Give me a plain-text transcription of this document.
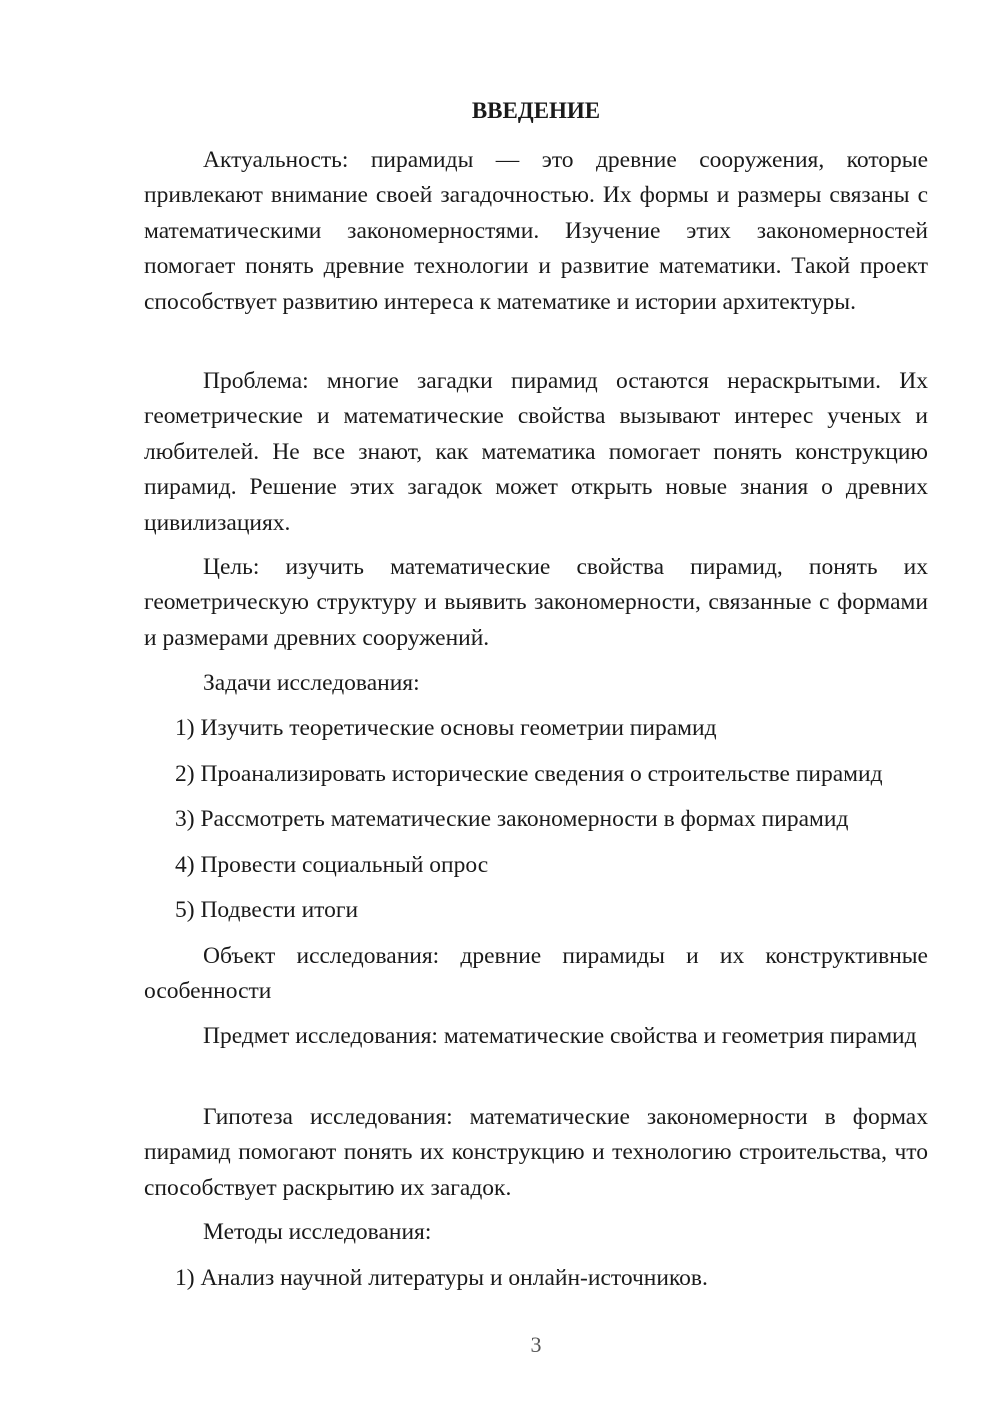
ВВЕДЕНИЕ
Актуальность: пирамиды — это древние сооружения, которые привлекают внимание своей загадочностью. Их формы и размеры связаны с математическими закономерностями. Изучение этих закономерностей помогает понять древние технологии и развитие математики. Такой проект способствует развитию интереса к математике и истории архитектуры.
Проблема: многие загадки пирамид остаются нераскрытыми. Их геометрические и математические свойства вызывают интерес ученых и любителей. Не все знают, как математика помогает понять конструкцию пирамид. Решение этих загадок может открыть новые знания о древних цивилизациях.
Цель: изучить математические свойства пирамид, понять их геометрическую структуру и выявить закономерности, связанные с формами и размерами древних сооружений.
Задачи исследования:
1) Изучить теоретические основы геометрии пирамид
2) Проанализировать исторические сведения о строительстве пирамид
3) Рассмотреть математические закономерности в формах пирамид
4) Провести социальный опрос
5) Подвести итоги
Объект исследования: древние пирамиды и их конструктивные особенности
Предмет исследования: математические свойства и геометрия пирамид
Гипотеза исследования: математические закономерности в формах пирамид помогают понять их конструкцию и технологию строительства, что способствует раскрытию их загадок.
Методы исследования:
1) Анализ научной литературы и онлайн-источников.
3
